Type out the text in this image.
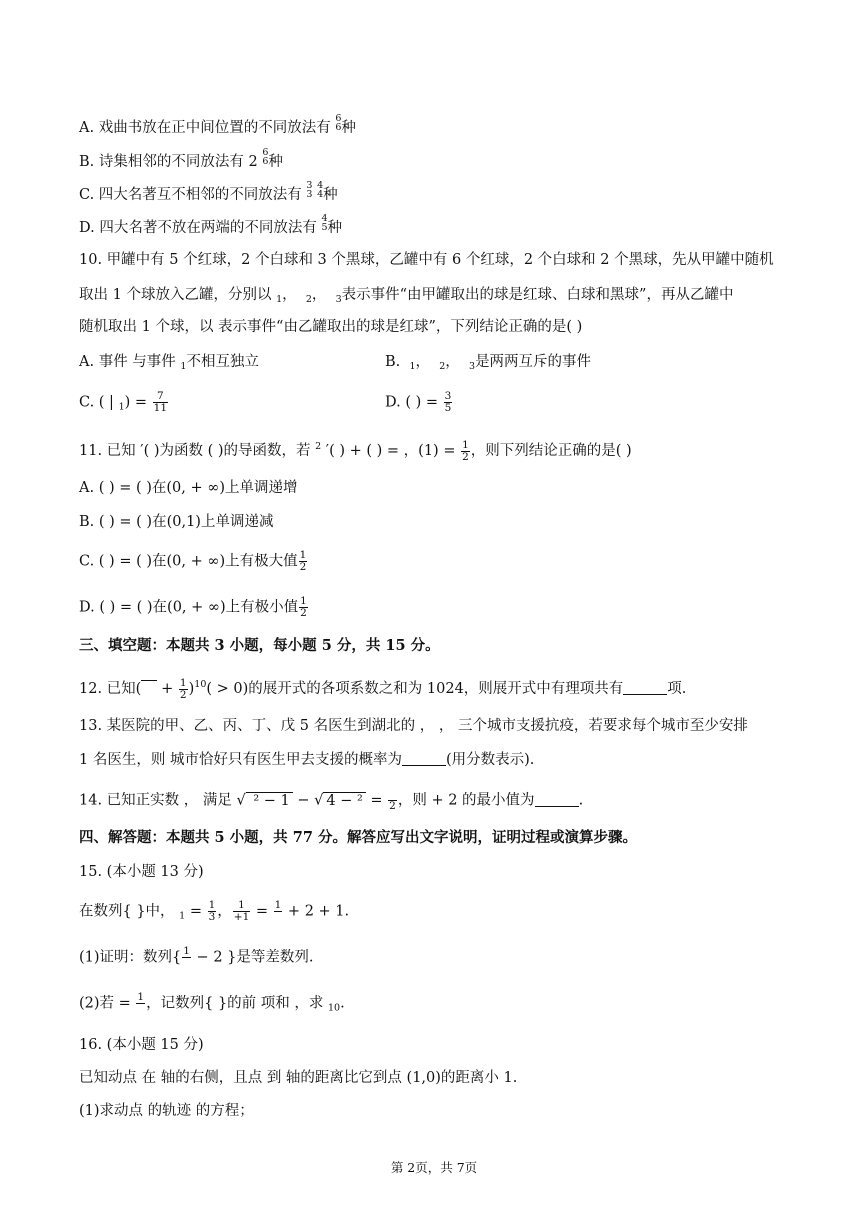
A. 戏曲书放在正中间位置的不同放法有
6
6 种
B. 诗集相邻的不同放法有 2
6
6 种
C. 四大名著互不相邻的不同放法有
3
3

4
4 种
D. 四大名著不放在两端的不同放法有
4
5 种
10. 甲罐中有 5 个红球，2 个白球和 3 个黑球，乙罐中有 6 个红球，2 个白球和 2 个黑球，先从甲罐中随机
取出 1 个球放入乙罐，分别以 $_1$，  $_2$，  $_3$表示事件“由甲罐取出的球是红球、白球和黑球”，再从乙罐中
随机取出 1 个球，以 表示事件“由乙罐取出的球是红球”，下列结论正确的是( )
A. 事件 与事件 $_1$不相互独立	B.  $_1$，  $_2$，  $_3$是两两互斥的事件
C. ( | $_1) = \frac{7}{11}$	D. ( ) = $\frac{3}{5}$
11. 已知 ′( )为函数 ( )的导函数，若 $^2$ ′( ) + ( ) = ，$(1) = \frac{1}{2}$ ，则下列结论正确的是( )
A. ( ) = ( )在(0, + ∞)上单调递增
B. ( ) = ( )在(0,1)上单调递减
C. ( ) = ( )在(0, + ∞)上有极大值 $\frac{1}{2}$
D. ( ) = ( )在(0, + ∞)上有极小值 $\frac{1}{2}$
三、填空题：本题共 3 小题，每小题 5 分，共 15 分。
12. 已知(   + $\frac{1}{2} )^{10}( > 0)$的展开式的各项系数之和为 1024，则展开式中有理项共有	项.
13. 某医院的甲、乙、丙、丁、戊 5 名医生到湖北的 ， ， 三个城市支援抗疫，若要求每个城市至少安排
1 名医生，则 城市恰好只有医生甲去支援的概率为	(用分数表示).
14. 已知正实数 ， 满足 √ ² − 1 − √ 4 − ² =
2 ，则 + 2 的最小值为	.
四、解答题：本题共 5 小题，共 77 分。解答应写出文字说明，证明过程或演算步骤。
15. (本小题 13 分)
在数列{ }中， $_1 = \frac{1}{3}$ ， $\frac{1}{+1} = 1$
+ 2 + 1.
(1)证明：数列{ 1
− 2 }是等差数列.
(2)若 = 1
，记数列{ }的前 项和 ，求 $_{10}$.
16. (本小题 15 分)
已知动点 在 轴的右侧，且点 到 轴的距离比它到点 (1,0)的距离小 1.
(1)求动点 的轨迹 的方程；
第 2页，共 7页
